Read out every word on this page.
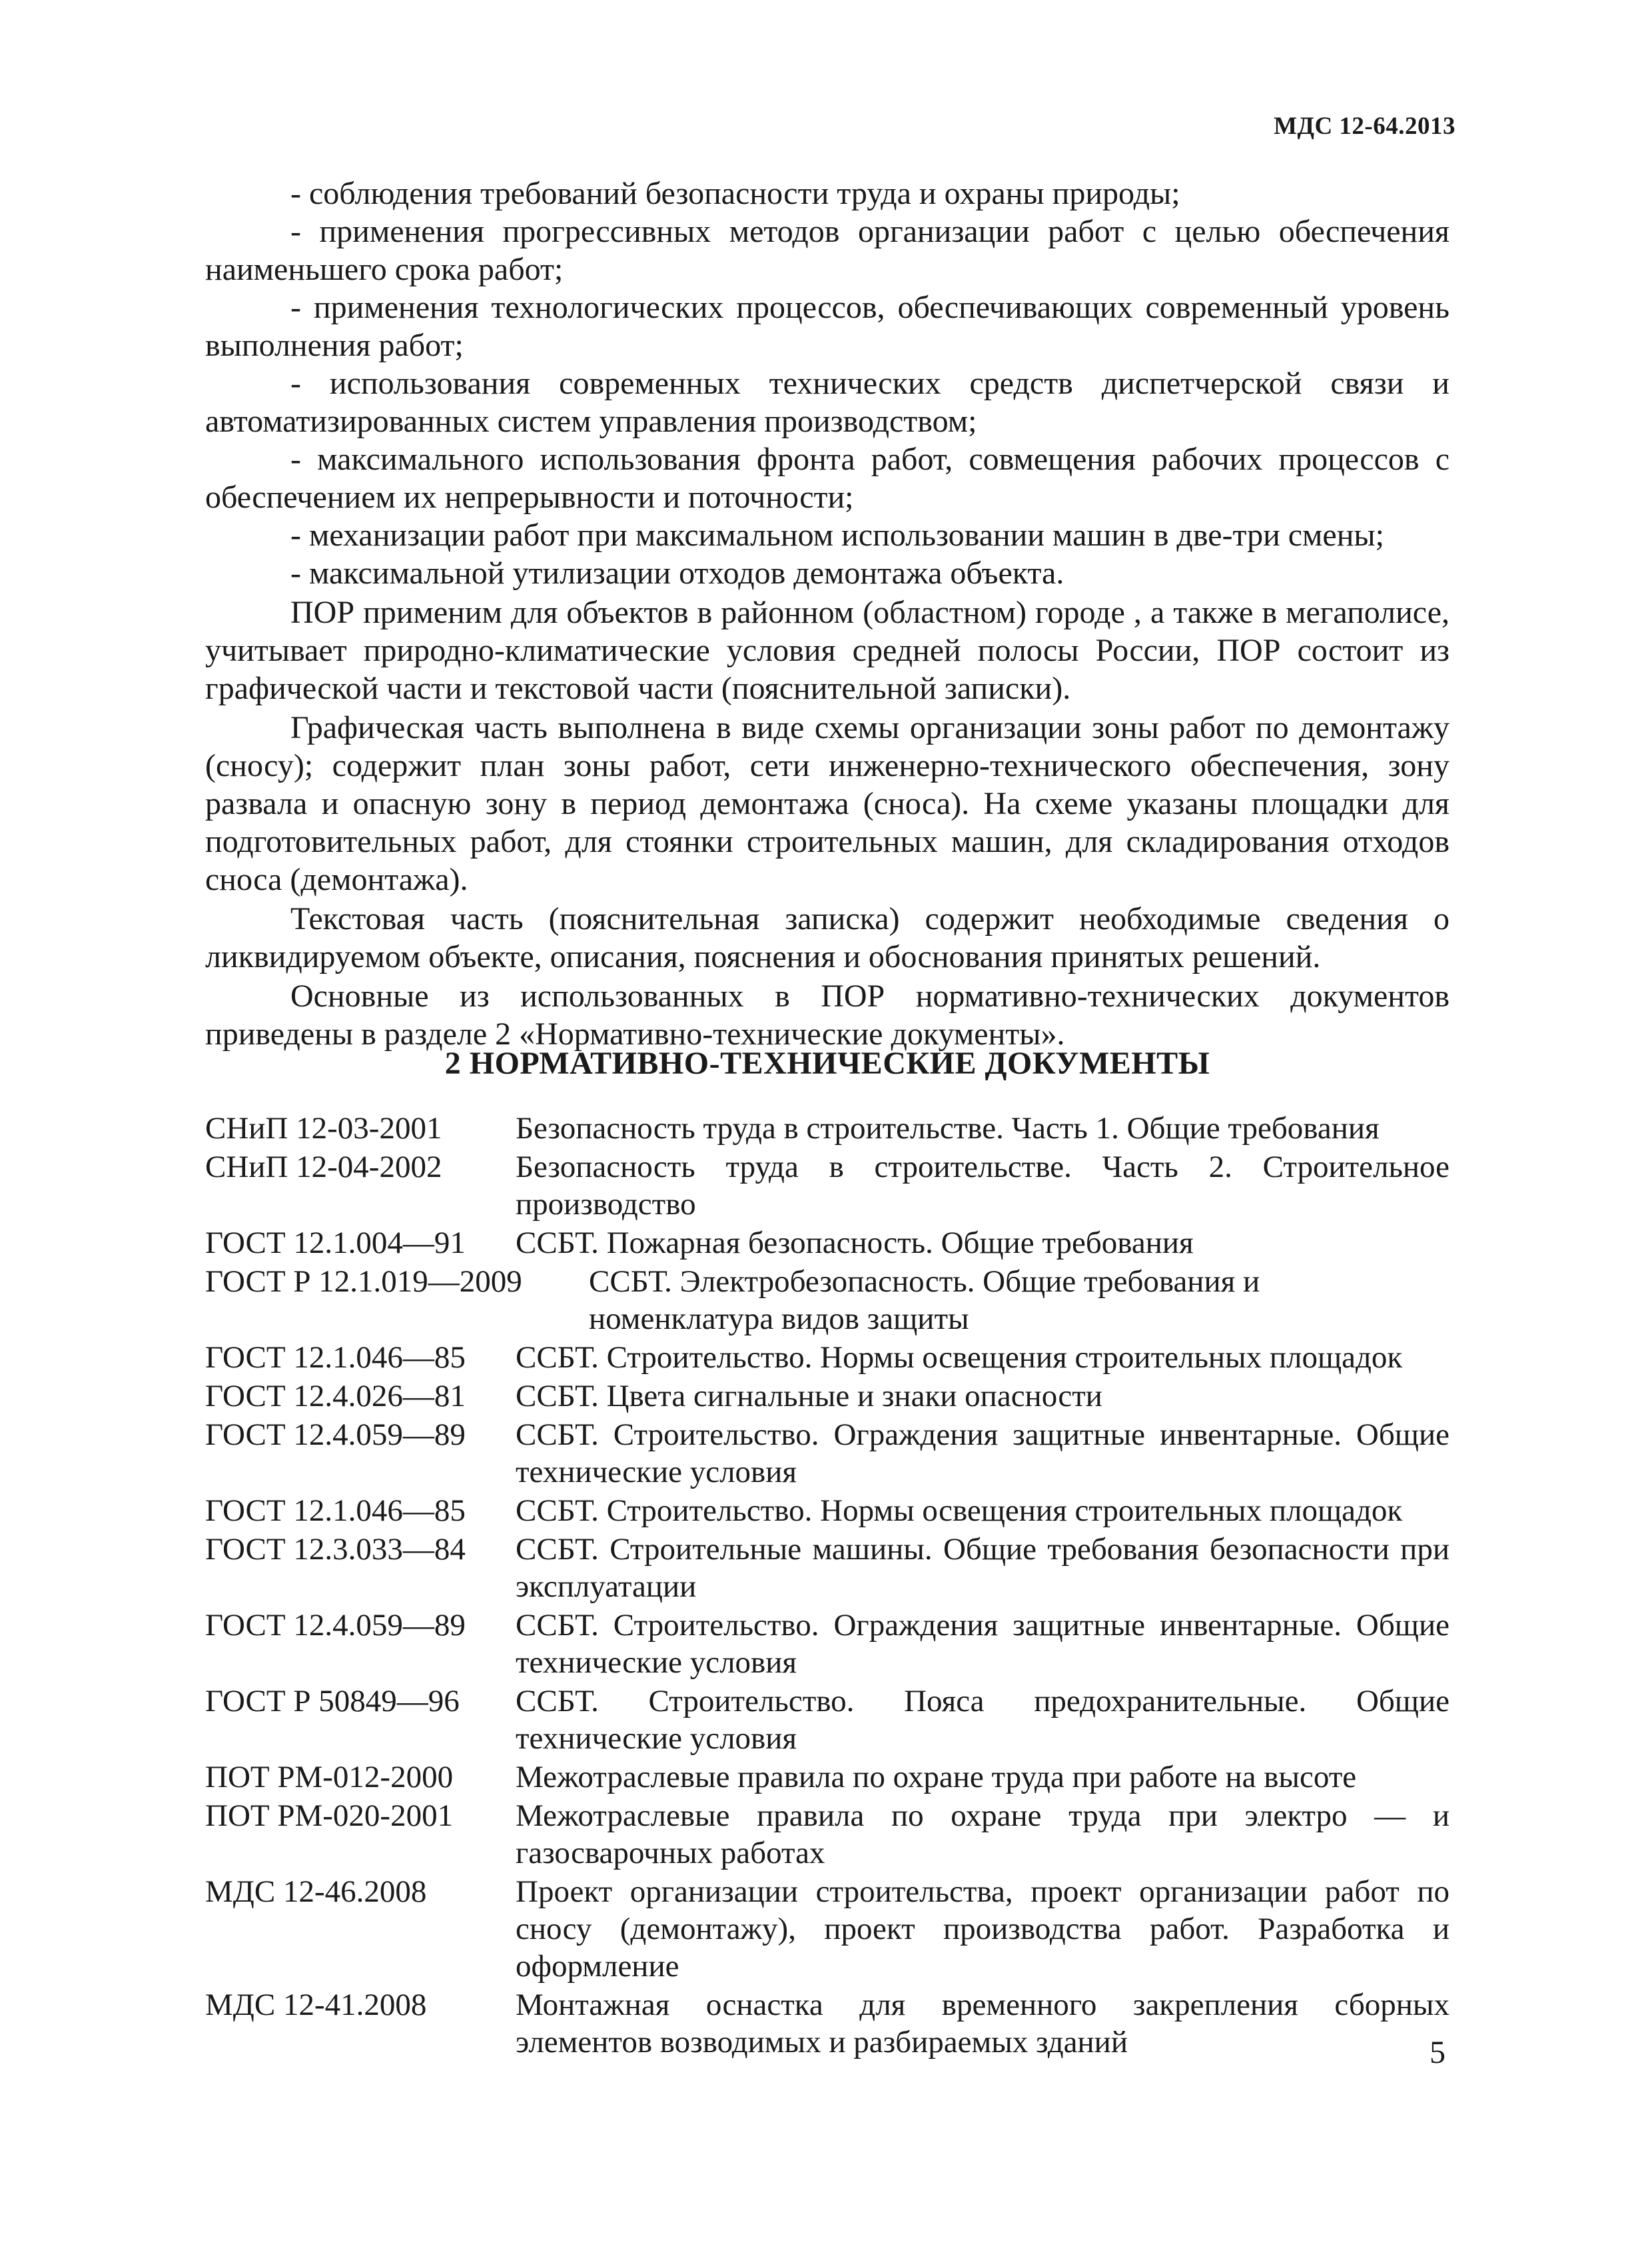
МДС 12-64.2013

- соблюдения требований безопасности труда и охраны природы;

- применения прогрессивных методов организации работ с целью обеспечения наименьшего срока работ;

- применения технологических процессов, обеспечивающих современный уровень выполнения работ;

- использования современных технических средств диспетчерской связи и автоматизированных систем управления производством;

- максимального использования фронта работ, совмещения рабочих процессов с обеспечением их непрерывности и поточности;

- механизации работ при максимальном использовании машин в две-три смены;

- максимальной утилизации отходов демонтажа объекта.

ПОР применим для объектов в районном (областном) городе , а также в мегаполисе, учитывает природно-климатические условия средней полосы России, ПОР состоит из графической части и текстовой части (пояснительной записки).

Графическая часть выполнена в виде схемы организации зоны работ по демонтажу (сносу); содержит план зоны работ, сети инженерно-технического обеспечения, зону развала и опасную зону в период демонтажа (сноса). На схеме указаны площадки для подготовительных работ, для стоянки строительных машин, для складирования отходов сноса (демонтажа).

Текстовая часть (пояснительная записка) содержит необходимые сведения о ликвидируемом объекте, описания, пояснения и обоснования принятых решений.

Основные из использованных в ПОР нормативно-технических документов приведены в разделе 2 «Нормативно-технические документы».

2 НОРМАТИВНО-ТЕХНИЧЕСКИЕ ДОКУМЕНТЫ
СНиП 12-03-2001	Безопасность труда в строительстве. Часть 1. Общие требования
СНиП 12-04-2002	Безопасность труда в строительстве. Часть 2. Строительное производство
ГОСТ 12.1.004—91	ССБТ. Пожарная безопасность. Общие требования
ГОСТ Р 12.1.019—2009	ССБТ. Электробезопасность. Общие требования и номенклатура видов защиты
ГОСТ 12.1.046—85	ССБТ. Строительство. Нормы освещения строительных площадок
ГОСТ 12.4.026—81	ССБТ. Цвета сигнальные и знаки опасности
ГОСТ 12.4.059—89	ССБТ. Строительство. Ограждения защитные инвентарные. Общие технические условия
ГОСТ 12.1.046—85	ССБТ. Строительство. Нормы освещения строительных площадок
ГОСТ 12.3.033—84	ССБТ. Строительные машины. Общие требования безопасности при эксплуатации
ГОСТ 12.4.059—89	ССБТ. Строительство. Ограждения защитные инвентарные. Общие технические условия
ГОСТ Р 50849—96	ССБТ. Строительство. Пояса предохранительные. Общие технические условия
ПОТ РМ-012-2000	Межотраслевые правила по охране труда при работе на высоте
ПОТ РМ-020-2001	Межотраслевые правила по охране труда при электро — и газосварочных работах
МДС 12-46.2008	Проект организации строительства, проект организации работ по сносу (демонтажу), проект производства работ. Разработка и оформление
МДС 12-41.2008	Монтажная оснастка для временного закрепления сборных элементов возводимых и разбираемых зданий	5
